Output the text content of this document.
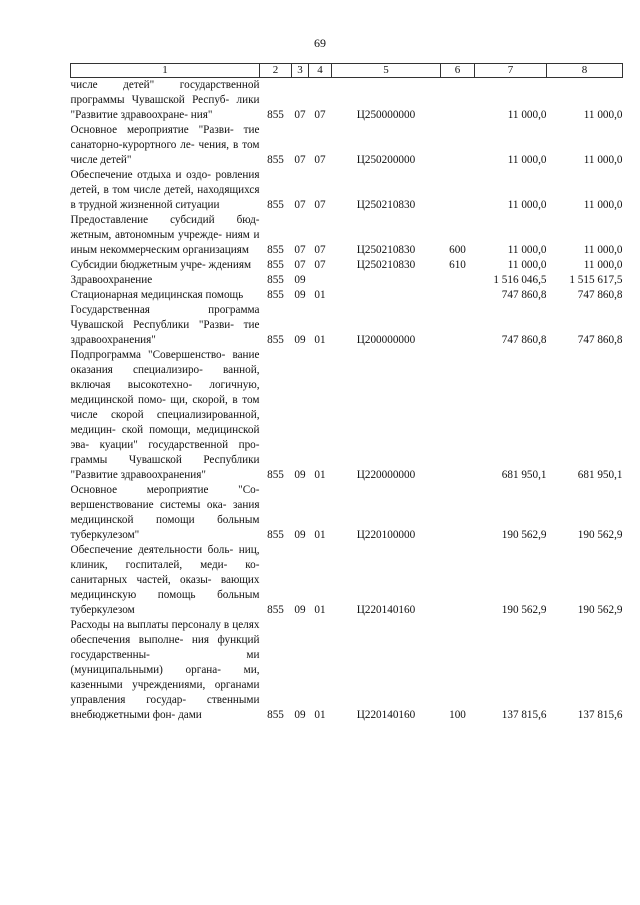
69
1	2	3	4	5	6	7	8
числе детей" государственной программы Чувашской Респуб- лики "Развитие здравоохране- ния"	855	07	07	Ц250000000		11 000,0	11 000,0
Основное мероприятие "Разви- тие санаторно-курортного ле- чения, в том числе детей"	855	07	07	Ц250200000		11 000,0	11 000,0
Обеспечение отдыха и оздо- ровления детей, в том числе детей, находящихся в трудной жизненной ситуации	855	07	07	Ц250210830		11 000,0	11 000,0
Предоставление субсидий бюд- жетным, автономным учрежде- ниям и иным некоммерческим организациям	855	07	07	Ц250210830	600	11 000,0	11 000,0
Субсидии бюджетным учре- ждениям	855	07	07	Ц250210830	610	11 000,0	11 000,0
Здравоохранение	855	09				1 516 046,5	1 515 617,5
Стационарная медицинская помощь	855	09	01			747 860,8	747 860,8
Государственная программа Чувашской Республики "Разви- тие здравоохранения"	855	09	01	Ц200000000		747 860,8	747 860,8
Подпрограмма "Совершенство- вание оказания специализиро- ванной, включая высокотехно- логичную, медицинской помо- щи, скорой, в том числе скорой специализированной, медицин- ской помощи, медицинской эва- куации" государственной про- граммы Чувашской Республики "Развитие здравоохранения"	855	09	01	Ц220000000		681 950,1	681 950,1
Основное мероприятие "Со- вершенствование системы ока- зания медицинской помощи больным туберкулезом"	855	09	01	Ц220100000		190 562,9	190 562,9
Обеспечение деятельности боль- ниц, клиник, госпиталей, меди- ко-санитарных частей, оказы- вающих медицинскую помощь больным туберкулезом	855	09	01	Ц220140160		190 562,9	190 562,9
Расходы на выплаты персоналу в целях обеспечения выполне- ния функций государственны- ми (муниципальными) органа- ми, казенными учреждениями, органами управления государ- ственными внебюджетными фон- дами	855	09	01	Ц220140160	100	137 815,6	137 815,6
